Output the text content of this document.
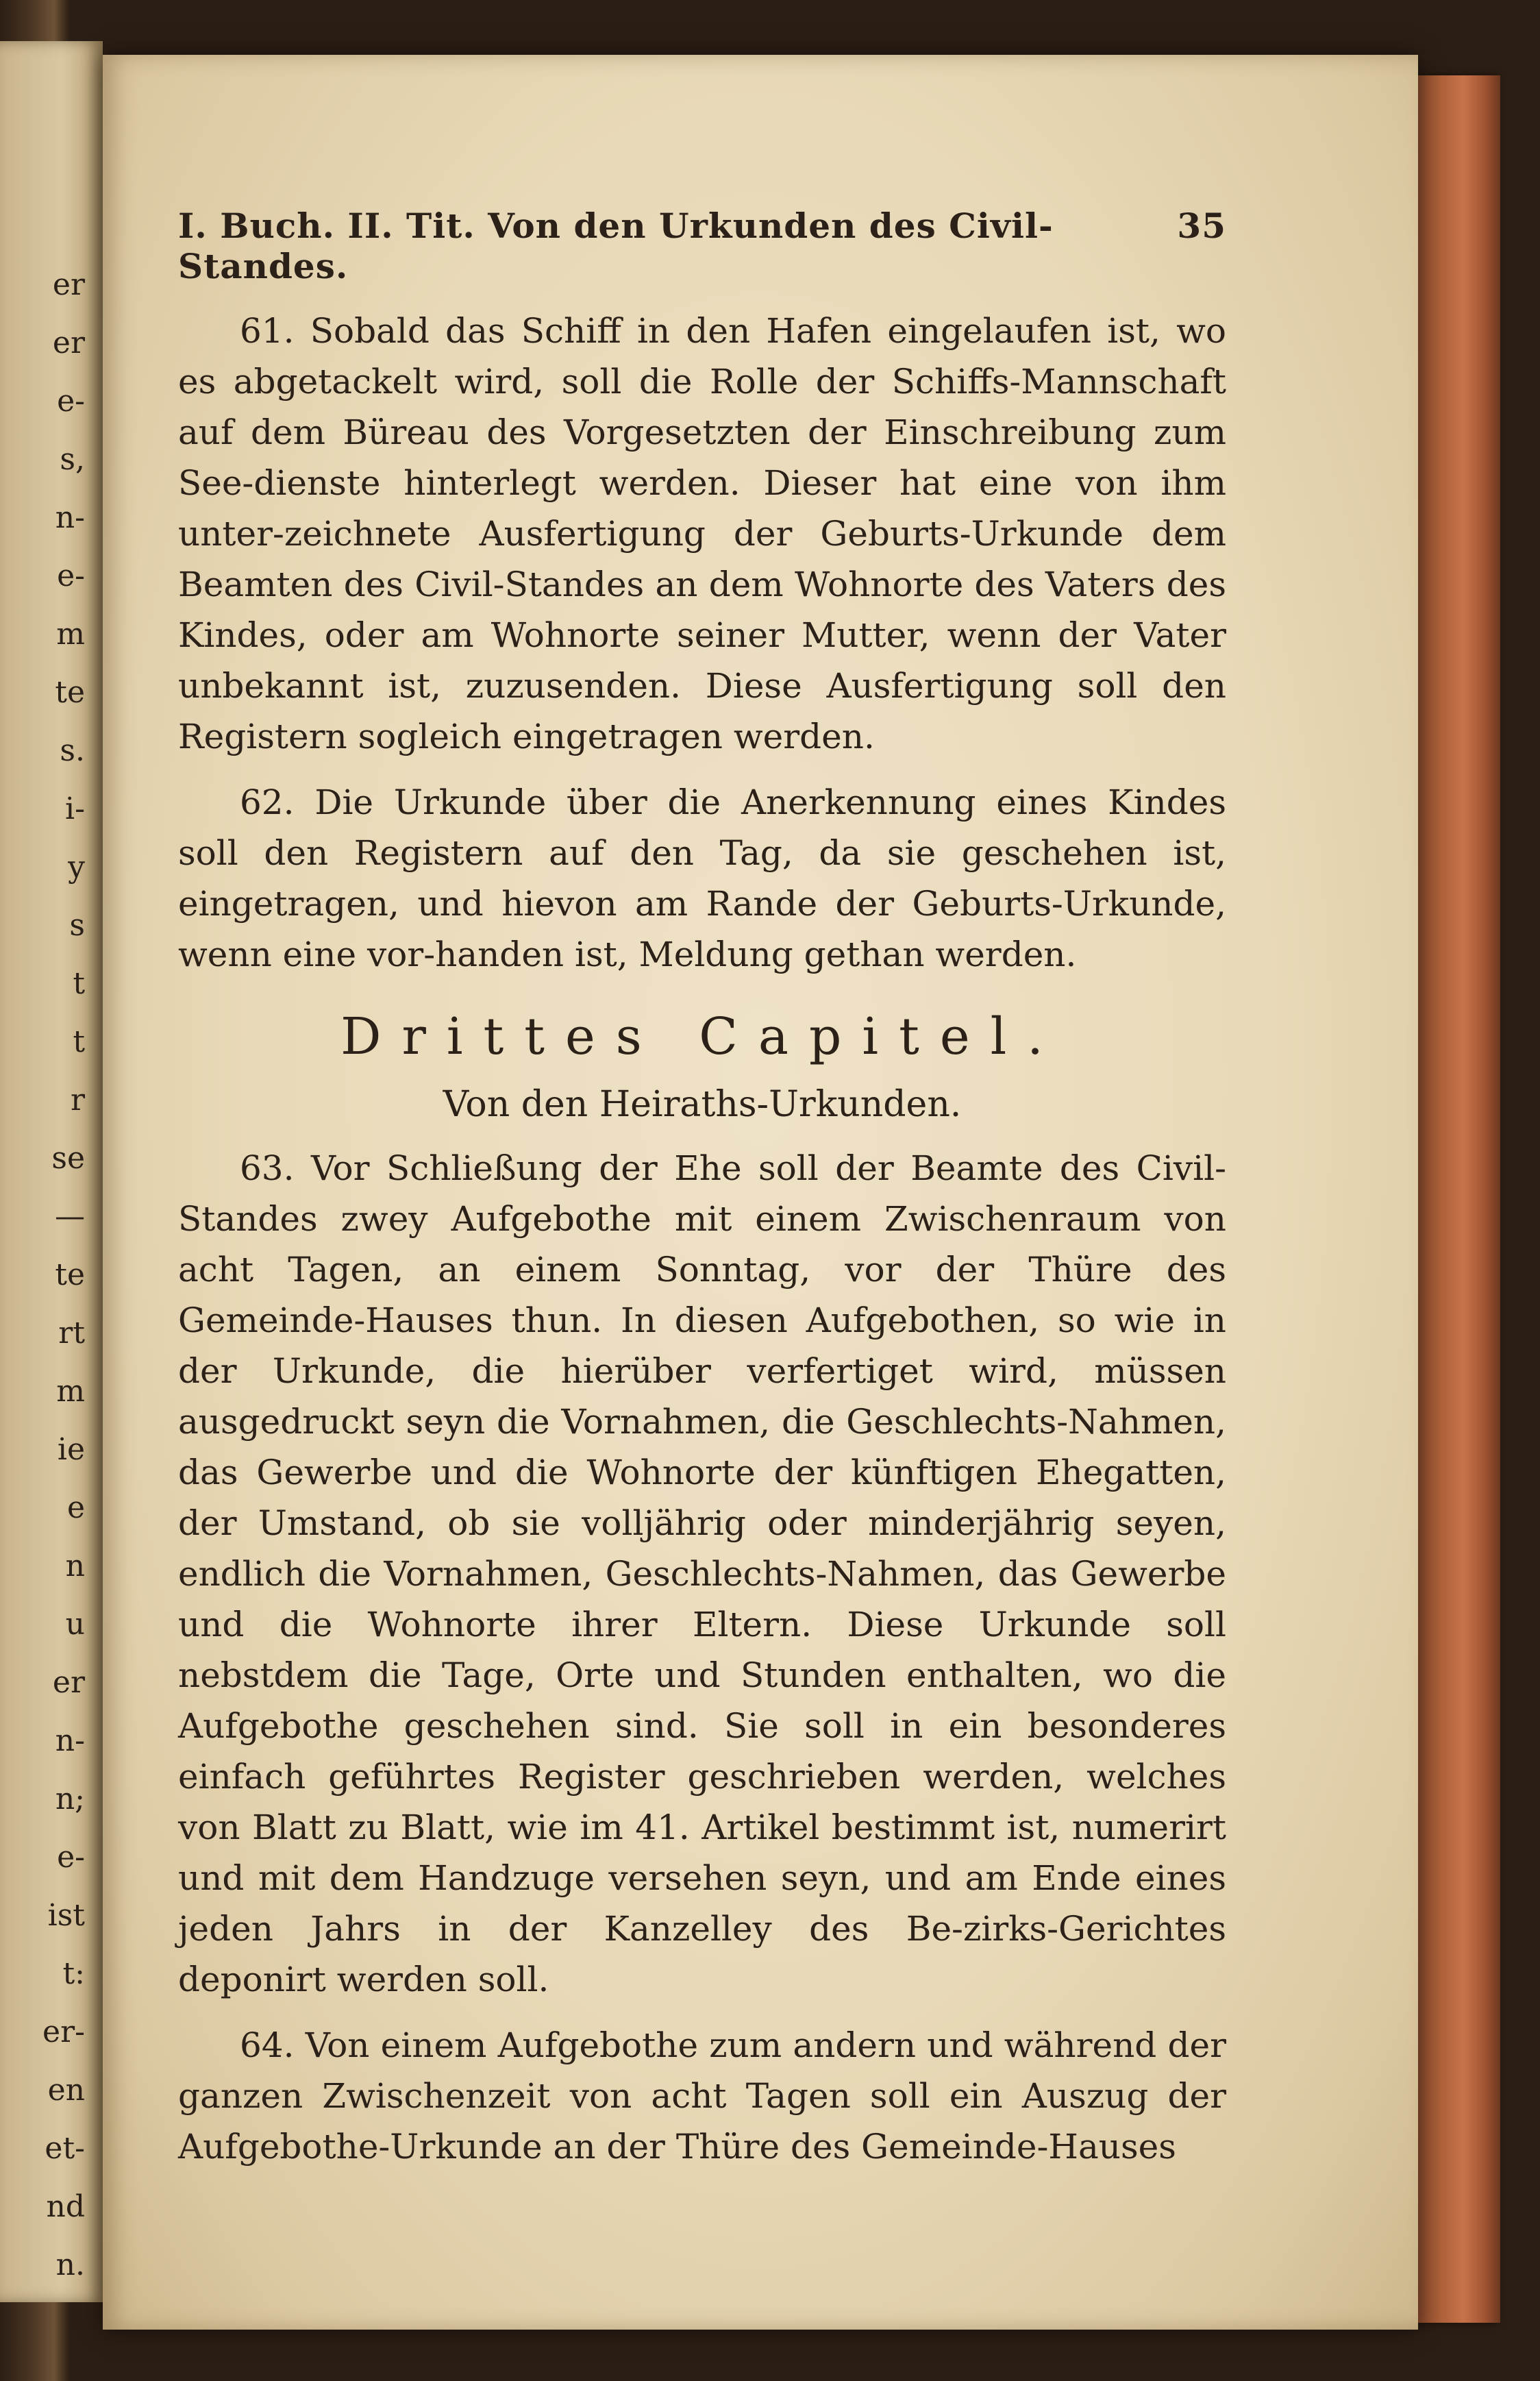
er
er
e-
s,
n-
e-
m
te
s.
i-
y
s
t
t
r
se
—
te
rt
m
ie
e
n
u
er
n-
n;
e-
ist
t:
er-
en
et-
nd
n.
I. Buch. II. Tit. Von den Urkunden des Civil-Standes.
35

61. Sobald das Schiff in den Hafen eingelaufen ist, wo es abgetackelt wird, soll die Rolle der Schiffs-Mannschaft auf dem Büreau des Vorgesetzten der Einschreibung zum See-dienste hinterlegt werden. Dieser hat eine von ihm unter-zeichnete Ausfertigung der Geburts-Urkunde dem Beamten des Civil-Standes an dem Wohnorte des Vaters des Kindes, oder am Wohnorte seiner Mutter, wenn der Vater unbekannt ist, zuzusenden. Diese Ausfertigung soll den Registern sogleich eingetragen werden.

62. Die Urkunde über die Anerkennung eines Kindes soll den Registern auf den Tag, da sie geschehen ist, eingetragen, und hievon am Rande der Geburts-Urkunde, wenn eine vor-handen ist, Meldung gethan werden.

Drittes Capitel.
Von den Heiraths-Urkunden.

63. Vor Schließung der Ehe soll der Beamte des Civil-Standes zwey Aufgebothe mit einem Zwischenraum von acht Tagen, an einem Sonntag, vor der Thüre des Gemeinde-Hauses thun. In diesen Aufgebothen, so wie in der Urkunde, die hierüber verfertiget wird, müssen ausgedruckt seyn die Vornahmen, die Geschlechts-Nahmen, das Gewerbe und die Wohnorte der künftigen Ehegatten, der Umstand, ob sie volljährig oder minderjährig seyen, endlich die Vornahmen, Geschlechts-Nahmen, das Gewerbe und die Wohnorte ihrer Eltern. Diese Urkunde soll nebstdem die Tage, Orte und Stunden enthalten, wo die Aufgebothe geschehen sind. Sie soll in ein besonderes einfach geführtes Register geschrieben werden, welches von Blatt zu Blatt, wie im 41. Artikel bestimmt ist, numerirt und mit dem Handzuge versehen seyn, und am Ende eines jeden Jahrs in der Kanzelley des Be-zirks-Gerichtes deponirt werden soll.

64. Von einem Aufgebothe zum andern und während der ganzen Zwischenzeit von acht Tagen soll ein Auszug der Aufgebothe-Urkunde an der Thüre des Gemeinde-Hauses
